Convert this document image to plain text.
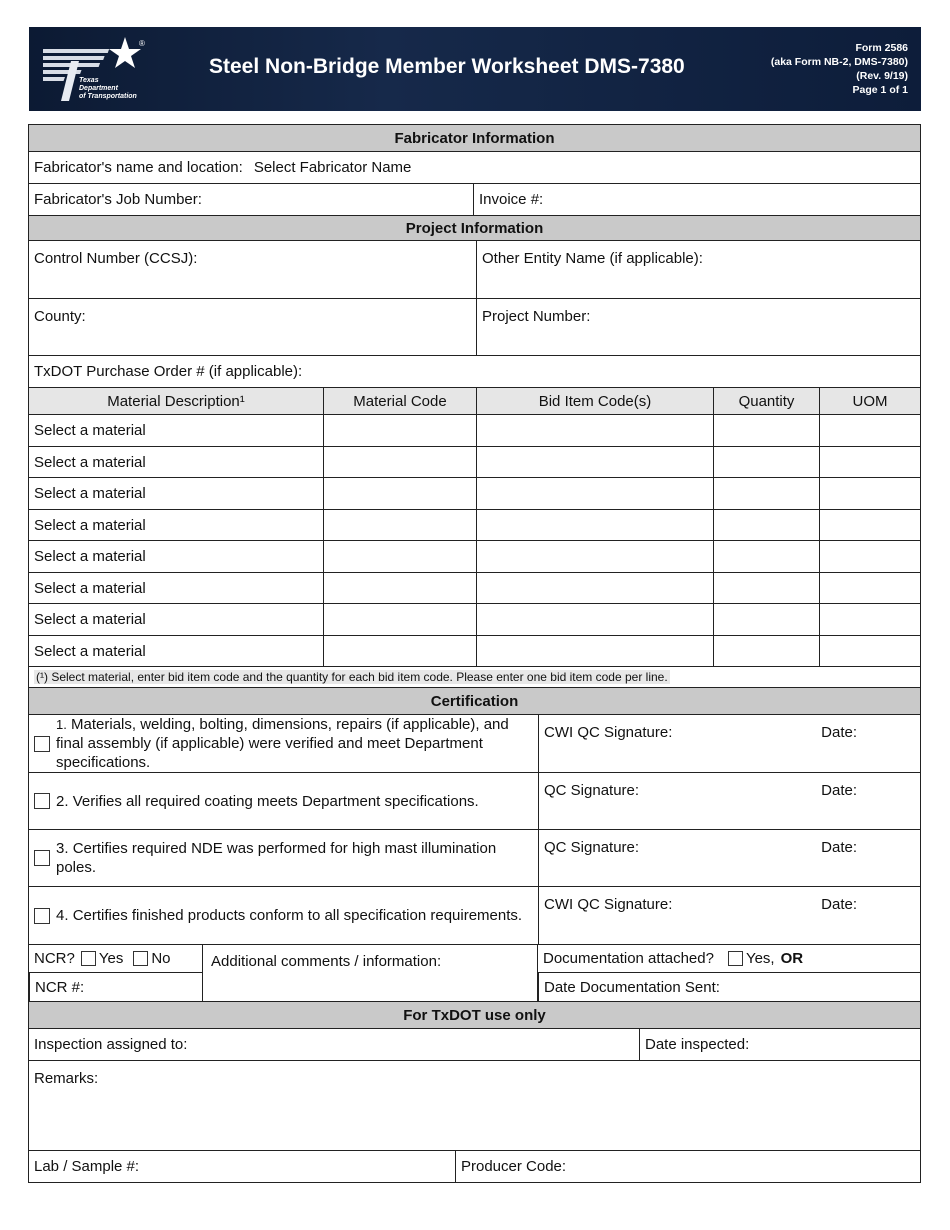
®
Texas
Department
of Transportation
Steel Non-Bridge Member Worksheet DMS-7380
Form 2586
(aka Form NB-2, DMS-7380)
(Rev. 9/19)
Page 1 of 1
Fabricator Information
Fabricator's name and location: Select Fabricator Name
Fabricator's Job Number:	Invoice #:
Project Information
Control Number (CCSJ):	Other Entity Name (if applicable):
County:	Project Number:
TxDOT Purchase Order # (if applicable):
Material Description¹	Material Code	Bid Item Code(s)	Quantity	UOM
Select a material
Select a material
Select a material
Select a material
Select a material
Select a material
Select a material
Select a material
(¹) Select material, enter bid item code and the quantity for each bid item code. Please enter one bid item code per line.
Certification
1. Materials, welding, bolting, dimensions, repairs (if applicable), and final assembly (if applicable) were verified and meet Department specifications.
CWI QC Signature:	Date:
2. Verifies all required coating meets Department specifications.
QC Signature:	Date:
3. Certifies required NDE was performed for high mast illumination poles.
QC Signature:	Date:
4. Certifies finished products conform to all specification requirements.
CWI QC Signature:	Date:
NCR? Yes No
NCR #:
Additional comments / information:	Documentation attached? Yes, OR
Date Documentation Sent:
For TxDOT use only
Inspection assigned to:	Date inspected:
Remarks:
Lab / Sample #:	Producer Code:
